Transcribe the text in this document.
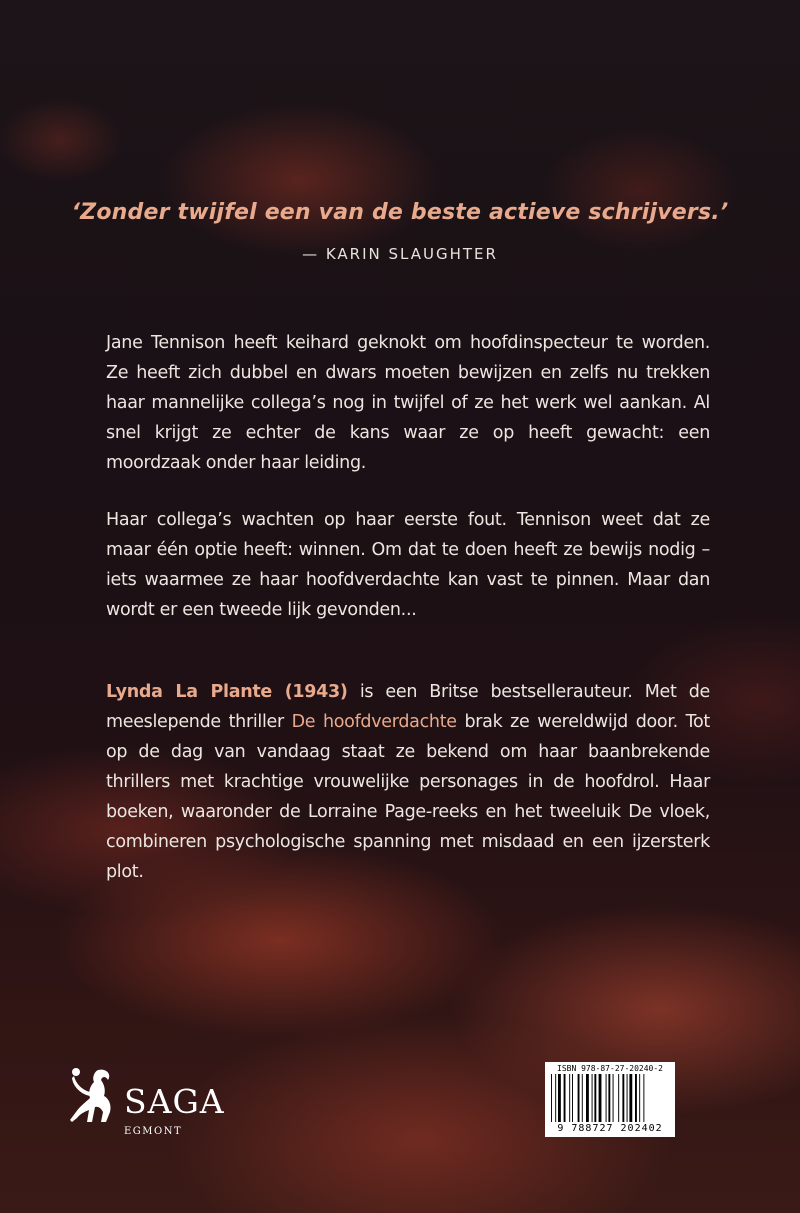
‘Zonder twijfel een van de beste actieve schrijvers.’

— KARIN SLAUGHTER

Jane Tennison heeft keihard geknokt om hoofdinspecteur te worden. Ze heeft zich dubbel en dwars moeten bewijzen en zelfs nu trekken haar mannelijke collega’s nog in twijfel of ze het werk wel aankan. Al snel krijgt ze echter de kans waar ze op heeft gewacht: een moordzaak onder haar leiding.

Haar collega’s wachten op haar eerste fout. Tennison weet dat ze maar één optie heeft: winnen. Om dat te doen heeft ze bewijs nodig – iets waarmee ze haar hoofdverdachte kan vast te pinnen. Maar dan wordt er een tweede lijk gevonden...

Lynda La Plante (1943) is een Britse bestsellerauteur. Met de meeslepende thriller De hoofdverdachte brak ze wereldwijd door. Tot op de dag van vandaag staat ze bekend om haar baanbrekende thrillers met krachtige vrouwelijke personages in de hoofdrol. Haar boeken, waaronder de Lorraine Page-reeks en het tweeluik De vloek, combineren psychologische spanning met misdaad en een ijzersterk plot.

SAGA
EGMONT
ISBN 978-87-27-20240-2
9 788727 202402
